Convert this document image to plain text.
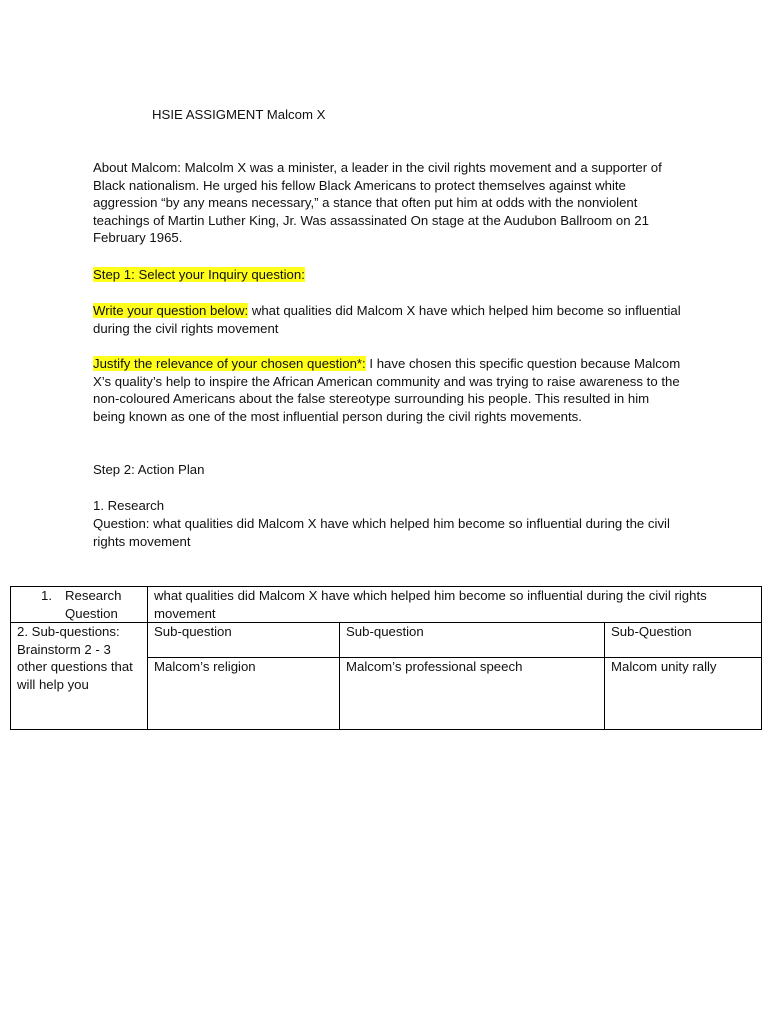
HSIE ASSIGMENT Malcom X

About Malcom: Malcolm X was a minister, a leader in the civil rights movement and a supporter of Black nationalism. He urged his fellow Black Americans to protect themselves against white aggression “by any means necessary,” a stance that often put him at odds with the nonviolent teachings of Martin Luther King, Jr. Was assassinated On stage at the Audubon Ballroom on 21 February 1965.

Step 1: Select your Inquiry question:

Write your question below: what qualities did Malcom X have which helped him become so influential during the civil rights movement

Justify the relevance of your chosen question*: I have chosen this specific question because Malcom X’s quality’s help to inspire the African American community and was trying to raise awareness to the non-coloured Americans about the false stereotype surrounding his people. This resulted in him being known as one of the most influential person during the civil rights movements.

Step 2: Action Plan

1. Research

Question: what qualities did Malcom X have which helped him become so influential during the civil rights movement

1. Research
Question	what qualities did Malcom X have which helped him become so influential during the civil rights movement		
2. Sub-questions: Brainstorm 2 - 3 other questions that will help you	Sub-question	Sub-question	Sub-Question
	Malcom’s religion	Malcom’s professional speech	Malcom unity rally
